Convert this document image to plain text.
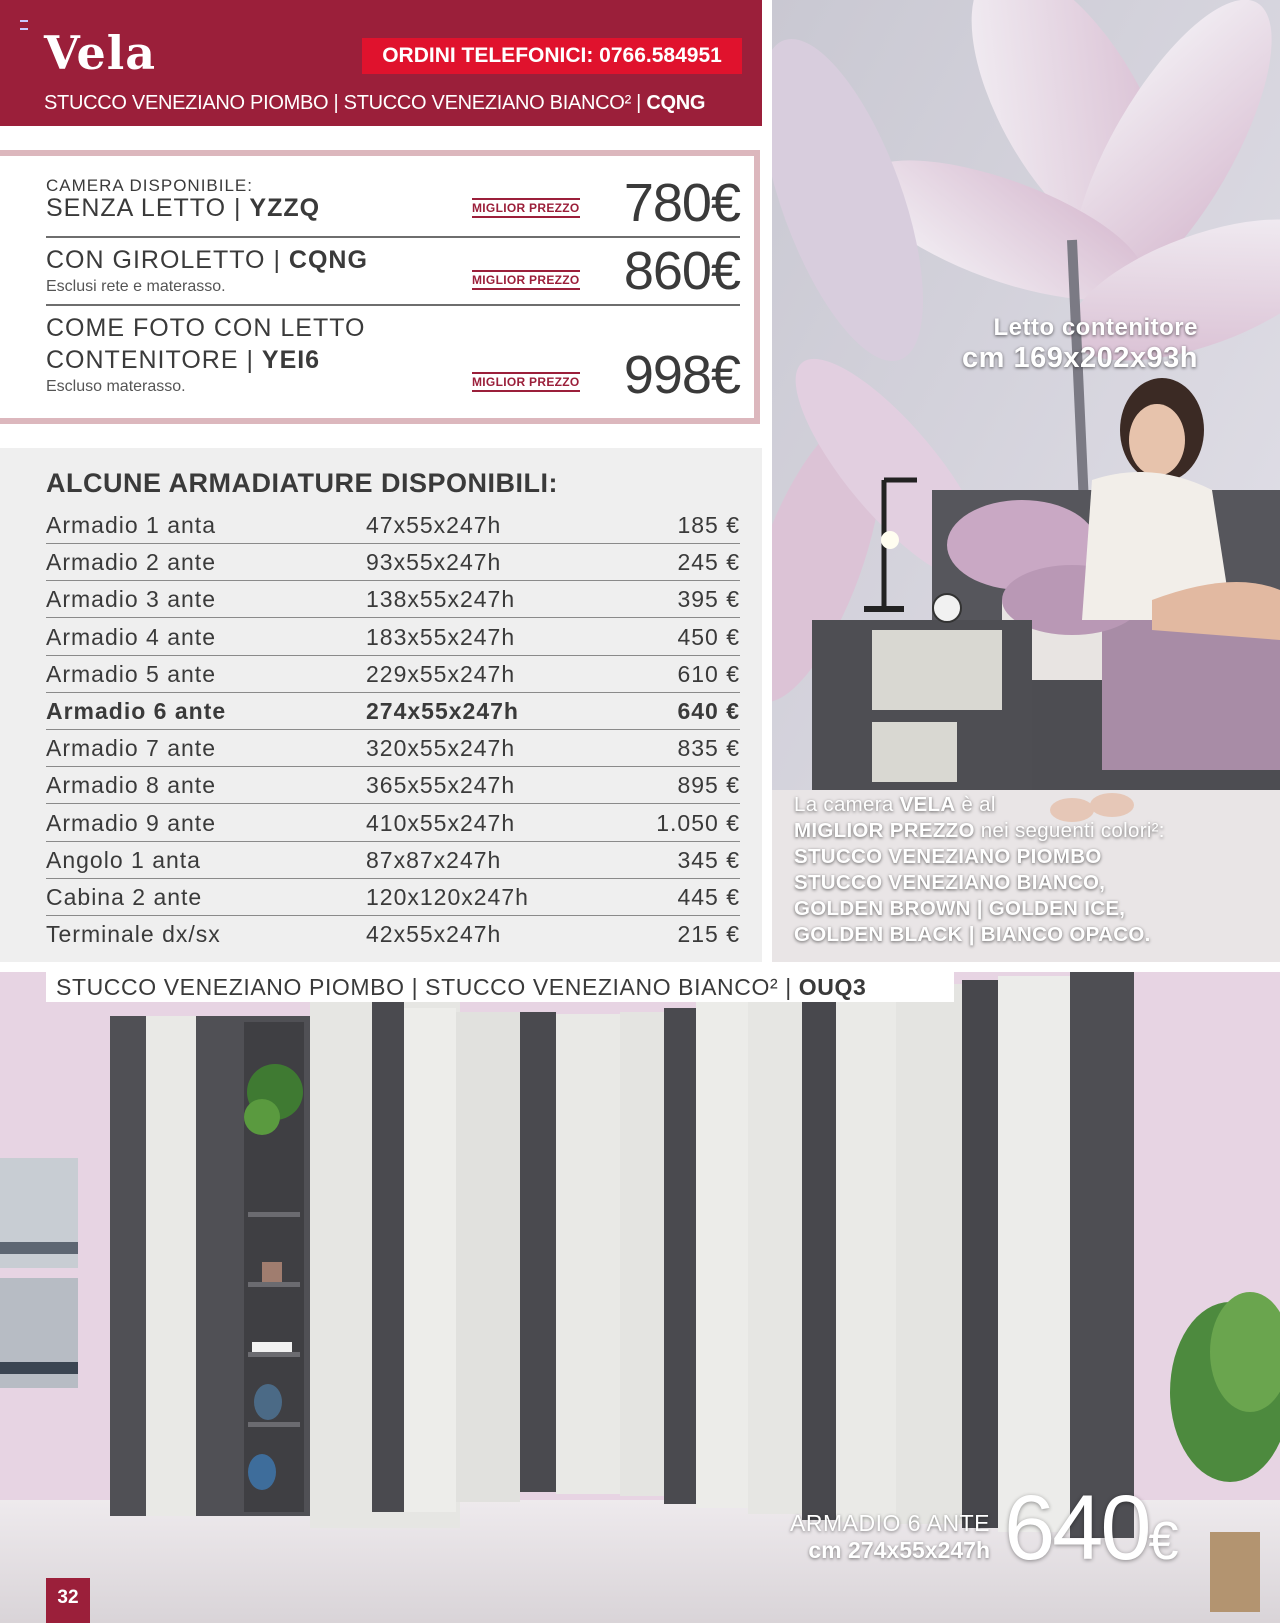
Vela	ORDINI TELEFONICI: 0766.584951
STUCCO VENEZIANO PIOMBO | STUCCO VENEZIANO BIANCO² | CQNG
CAMERA DISPONIBILE:
SENZA LETTO | YZZQ	MIGLIOR PREZZO 780€
CON GIROLETTO | CQNG
Esclusi rete e materasso.	MIGLIOR PREZZO 860€
COME FOTO CON LETTO
CONTENITORE | YEI6
Escluso materasso.	MIGLIOR PREZZO 998€
ALCUNE ARMADIATURE DISPONIBILI:
Armadio 1 anta	47x55x247h	185 €
Armadio 2 ante	93x55x247h	245 €
Armadio 3 ante	138x55x247h	395 €
Armadio 4 ante	183x55x247h	450 €
Armadio 5 ante	229x55x247h	610 €
Armadio 6 ante	274x55x247h	640 €
Armadio 7 ante	320x55x247h	835 €
Armadio 8 ante	365x55x247h	895 €
Armadio 9 ante	410x55x247h	1.050 €
Angolo 1 anta	87x87x247h	345 €
Cabina 2 ante	120x120x247h	445 €
Terminale dx/sx	42x55x247h	215 €
Letto contenitore
cm 169x202x93h
La camera VELA è al
MIGLIOR PREZZO nei seguenti colori²:
STUCCO VENEZIANO PIOMBO
STUCCO VENEZIANO BIANCO,
GOLDEN BROWN | GOLDEN ICE,
GOLDEN BLACK | BIANCO OPACO.
STUCCO VENEZIANO PIOMBO | STUCCO VENEZIANO BIANCO² | OUQ3
ARMADIO 6 ANTE
cm 274x55x247h 640€
32
